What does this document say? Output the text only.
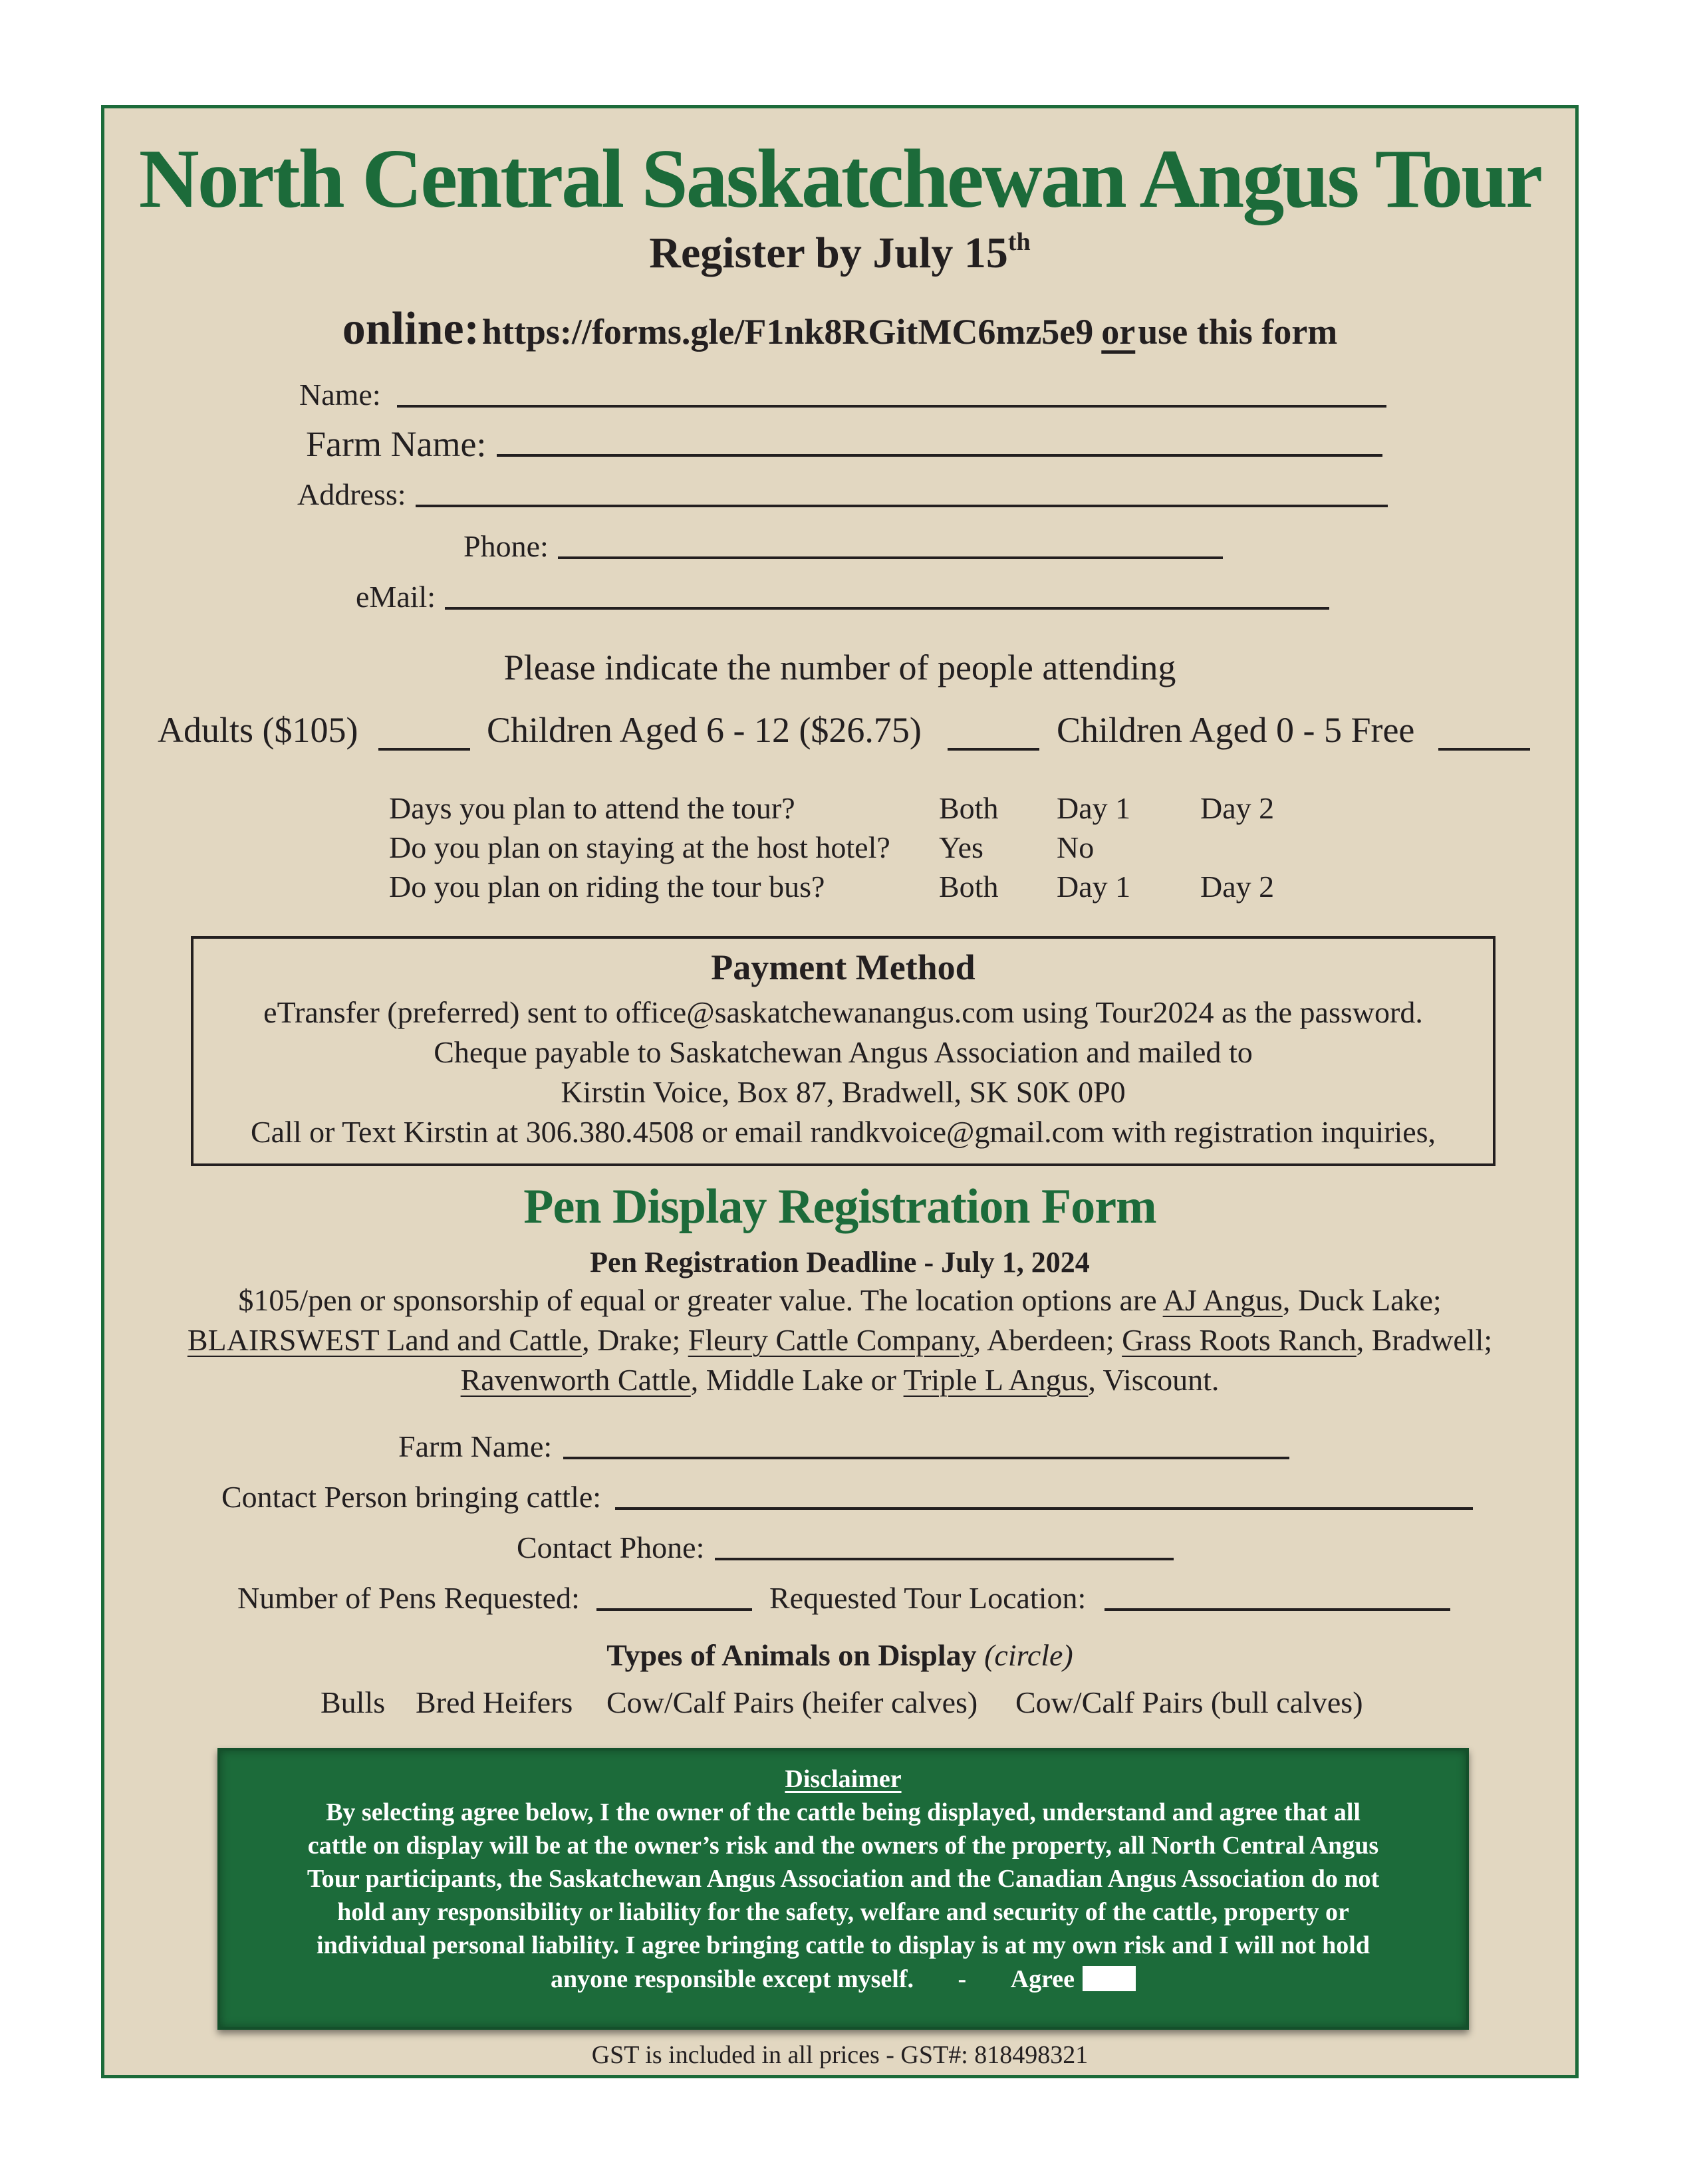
North Central Saskatchewan Angus Tour
Register by July 15th
online: https://forms.gle/F1nk8RGitMC6mz5e9 or use this form
Name:
Farm Name:
Address:
Phone:
eMail:
Please indicate the number of people attending
Adults ($105)	Children Aged 6 - 12 ($26.75)	Children Aged 0 - 5 Free
Days you plan to attend the tour?	Both Day 1 Day 2
Do you plan on staying at the host hotel? Yes No
Do you plan on riding the tour bus?	Both Day 1 Day 2
Payment Method
eTransfer (preferred) sent to office@saskatchewanangus.com using Tour2024 as the password.
Cheque payable to Saskatchewan Angus Association and mailed to
Kirstin Voice, Box 87, Bradwell, SK S0K 0P0
Call or Text Kirstin at 306.380.4508 or email randkvoice@gmail.com with registration inquiries,
Pen Display Registration Form
Pen Registration Deadline - July 1, 2024
$105/pen or sponsorship of equal or greater value. The location options are AJ Angus, Duck Lake;
BLAIRSWEST Land and Cattle, Drake; Fleury Cattle Company, Aberdeen; Grass Roots Ranch, Bradwell;
Ravenworth Cattle, Middle Lake or Triple L Angus, Viscount.
Farm Name:
Contact Person bringing cattle:
Contact Phone:
Number of Pens Requested:	Requested Tour Location:
Types of Animals on Display (circle)
Bulls Bred Heifers Cow/Calf Pairs (heifer calves) Cow/Calf Pairs (bull calves)
Disclaimer
By selecting agree below, I the owner of the cattle being displayed, understand and agree that all
cattle on display will be at the owner’s risk and the owners of the property, all North Central Angus
Tour participants, the Saskatchewan Angus Association and the Canadian Angus Association do not
hold any responsibility or liability for the safety, welfare and security of the cattle, property or
individual personal liability. I agree bringing cattle to display is at my own risk and I will not hold
anyone responsible except myself. - Agree
GST is included in all prices - GST#: 818498321
